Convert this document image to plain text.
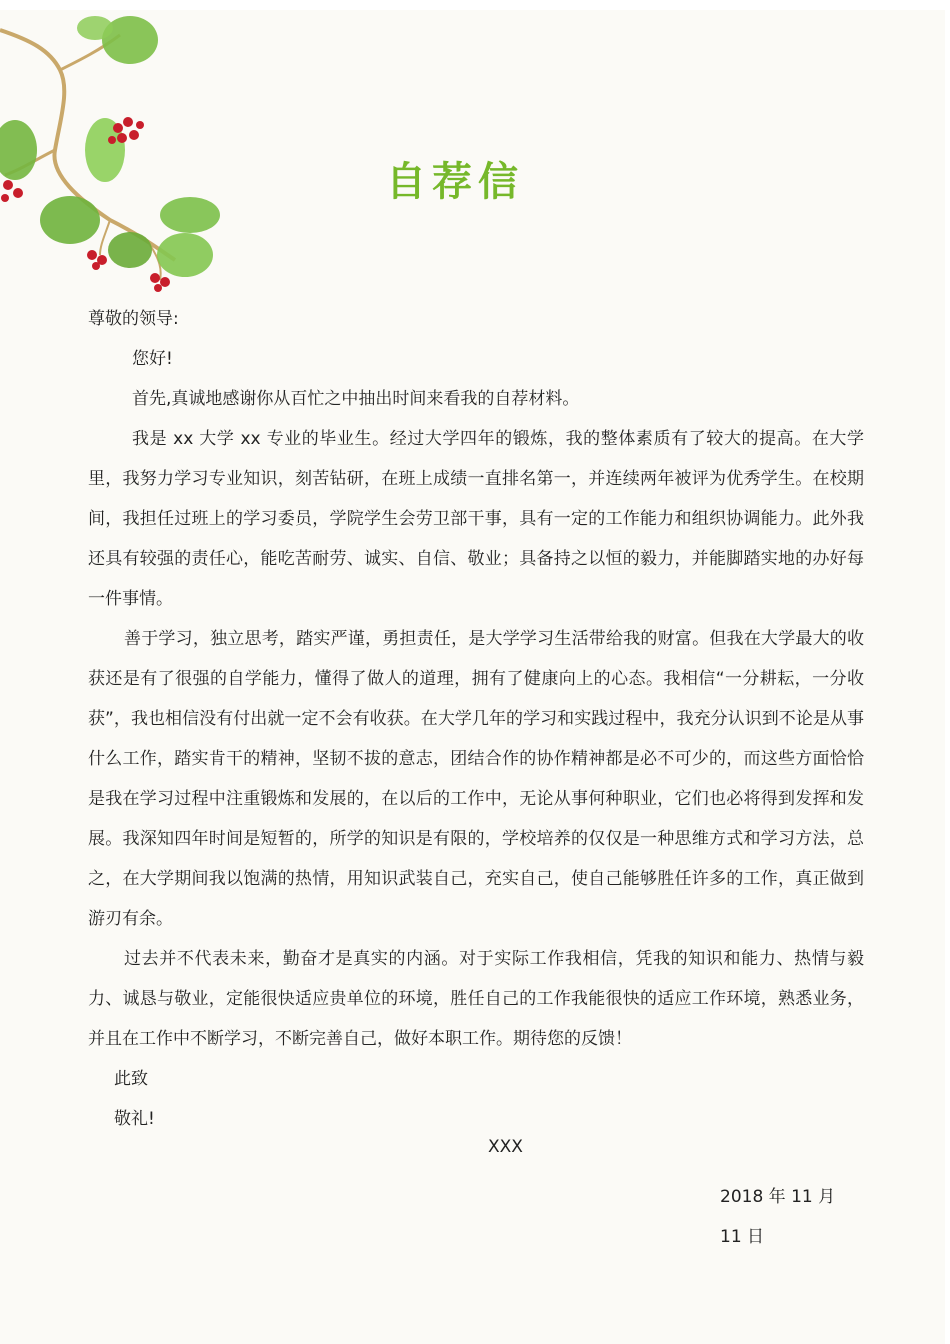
自荐信

尊敬的领导:

您好!

首先,真诚地感谢你从百忙之中抽出时间来看我的自荐材料。

我是 xx 大学 xx 专业的毕业生。经过大学四年的锻炼，我的整体素质有了较大的提高。在大学里，我努力学习专业知识，刻苦钻研，在班上成绩一直排名第一，并连续两年被评为优秀学生。在校期间，我担任过班上的学习委员，学院学生会劳卫部干事，具有一定的工作能力和组织协调能力。此外我还具有较强的责任心，能吃苦耐劳、诚实、自信、敬业；具备持之以恒的毅力，并能脚踏实地的办好每一件事情。

善于学习，独立思考，踏实严谨，勇担责任，是大学学习生活带给我的财富。但我在大学最大的收获还是有了很强的自学能力，懂得了做人的道理，拥有了健康向上的心态。我相信“一分耕耘，一分收获”，我也相信没有付出就一定不会有收获。在大学几年的学习和实践过程中，我充分认识到不论是从事什么工作，踏实肯干的精神，坚韧不拔的意志，团结合作的协作精神都是必不可少的，而这些方面恰恰是我在学习过程中注重锻炼和发展的，在以后的工作中，无论从事何种职业，它们也必将得到发挥和发展。我深知四年时间是短暂的，所学的知识是有限的，学校培养的仅仅是一种思维方式和学习方法，总之，在大学期间我以饱满的热情，用知识武装自己，充实自己，使自己能够胜任许多的工作，真正做到游刃有余。

过去并不代表未来，勤奋才是真实的内涵。对于实际工作我相信，凭我的知识和能力、热情与毅力、诚恳与敬业，定能很快适应贵单位的环境，胜任自己的工作我能很快的适应工作环境，熟悉业务，并且在工作中不断学习，不断完善自己，做好本职工作。期待您的反馈！

此致

敬礼!

XXX
2018 年 11 月 11 日
